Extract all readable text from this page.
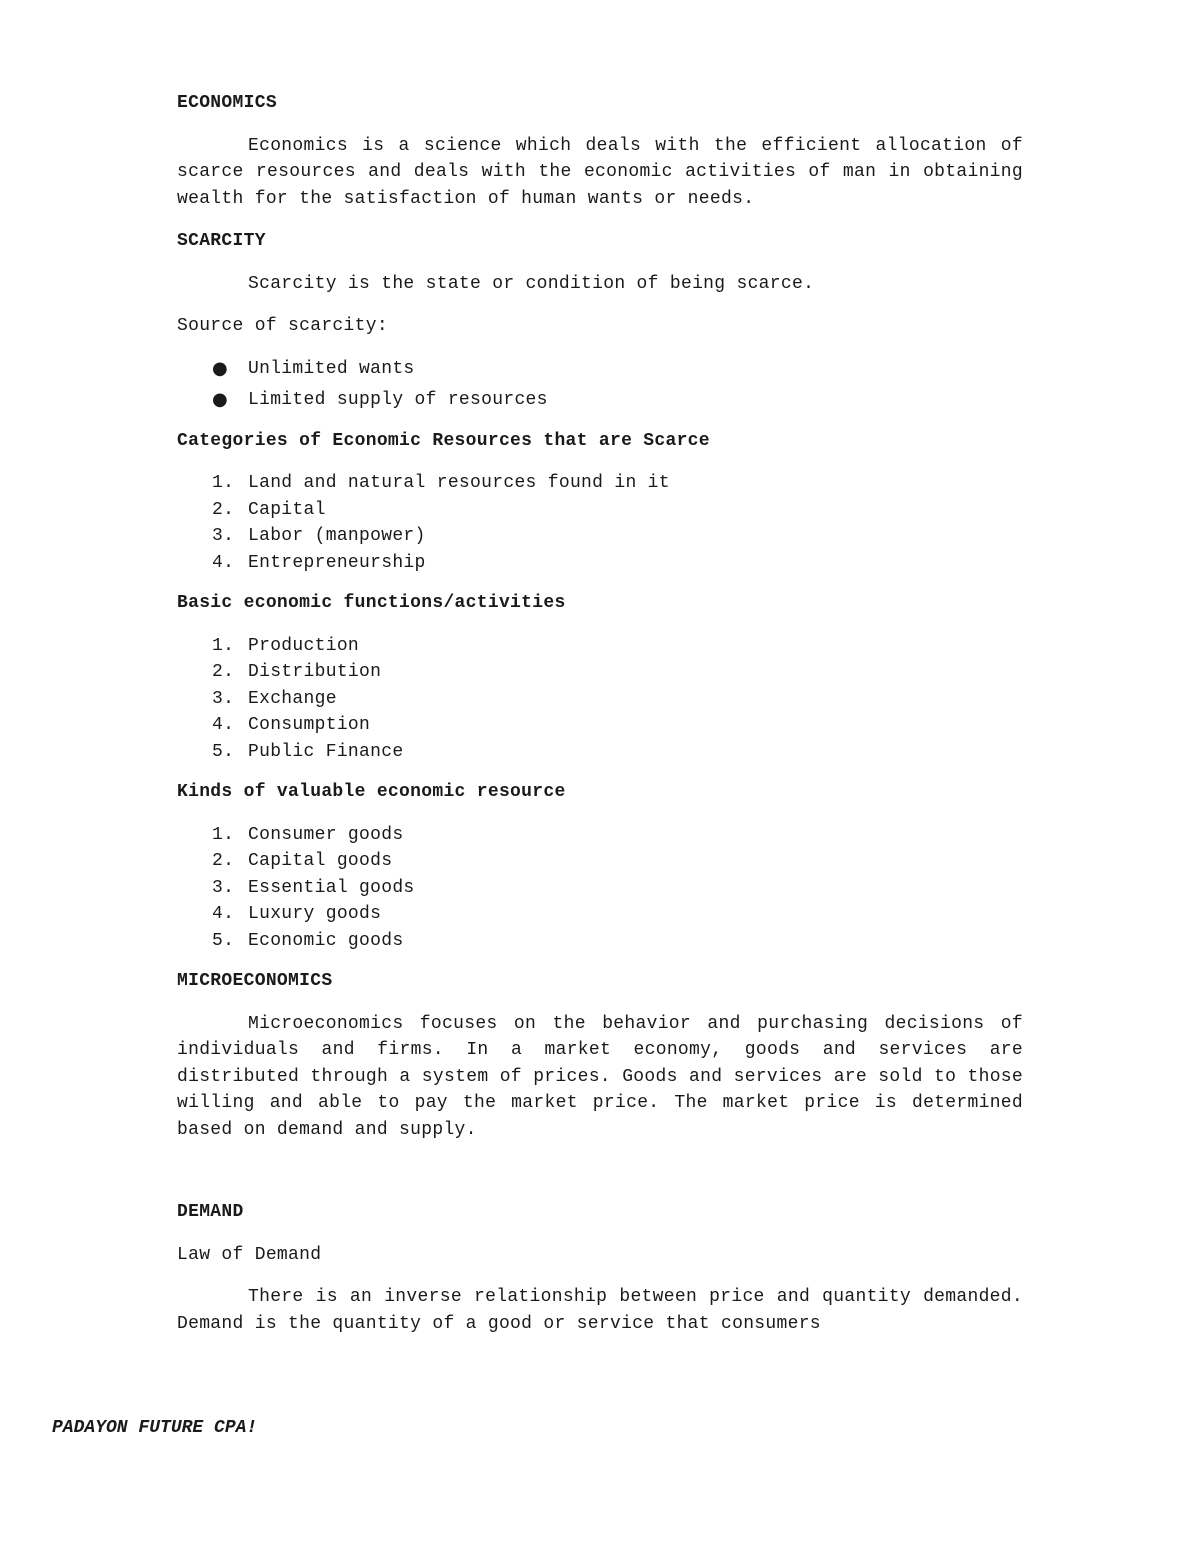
ECONOMICS
Economics is a science which deals with the efficient allocation of scarce resources and deals with the economic activities of man in obtaining wealth for the satisfaction of human wants or needs.
SCARCITY
Scarcity is the state or condition of being scarce.
Source of scarcity:
● Unlimited wants
● Limited supply of resources
Categories of Economic Resources that are Scarce
1. Land and natural resources found in it
2. Capital
3. Labor (manpower)
4. Entrepreneurship
Basic economic functions/activities
1. Production
2. Distribution
3. Exchange
4. Consumption
5. Public Finance
Kinds of valuable economic resource
1. Consumer goods
2. Capital goods
3. Essential goods
4. Luxury goods
5. Economic goods
MICROECONOMICS
Microeconomics focuses on the behavior and purchasing decisions of individuals and firms. In a market economy, goods and services are distributed through a system of prices. Goods and services are sold to those willing and able to pay the market price. The market price is determined based on demand and supply.
DEMAND
Law of Demand
There is an inverse relationship between price and quantity demanded. Demand is the quantity of a good or service that consumers
PADAYON FUTURE CPA!
